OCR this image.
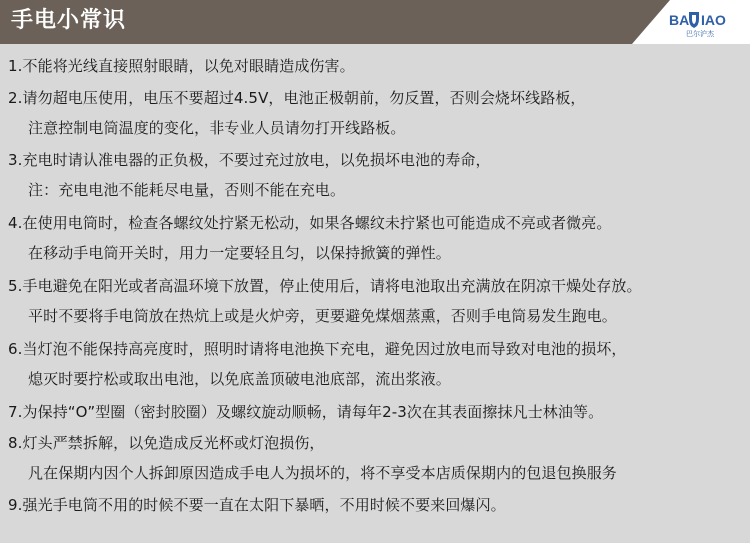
手电小常识	BA IAO
巴尔沪杰
1.不能将光线直接照射眼睛，以免对眼睛造成伤害。
2.请勿超电压使用，电压不要超过4.5V，电池正极朝前，勿反置，否则会烧坏线路板，
注意控制电筒温度的变化，非专业人员请勿打开线路板。
3.充电时请认准电器的正负极，不要过充过放电，以免损坏电池的寿命，
注：充电电池不能耗尽电量，否则不能在充电。
4.在使用电筒时，检查各螺纹处拧紧无松动，如果各螺纹未拧紧也可能造成不亮或者微亮。
在移动手电筒开关时，用力一定要轻且匀，以保持掀簧的弹性。
5.手电避免在阳光或者高温环境下放置，停止使用后，请将电池取出充满放在阴凉干燥处存放。
平时不要将手电筒放在热炕上或是火炉旁，更要避免煤烟蒸熏，否则手电筒易发生跑电。
6.当灯泡不能保持高亮度时，照明时请将电池换下充电，避免因过放电而导致对电池的损坏，
熄灭时要拧松或取出电池，以免底盖顶破电池底部，流出浆液。
7.为保持“O”型圈（密封胶圈）及螺纹旋动顺畅，请每年2-3次在其表面擦抹凡士林油等。
8.灯头严禁拆解，以免造成反光杯或灯泡损伤，
凡在保期内因个人拆卸原因造成手电人为损坏的，将不享受本店质保期内的包退包换服务
9.强光手电筒不用的时候不要一直在太阳下暴晒，不用时候不要来回爆闪。
